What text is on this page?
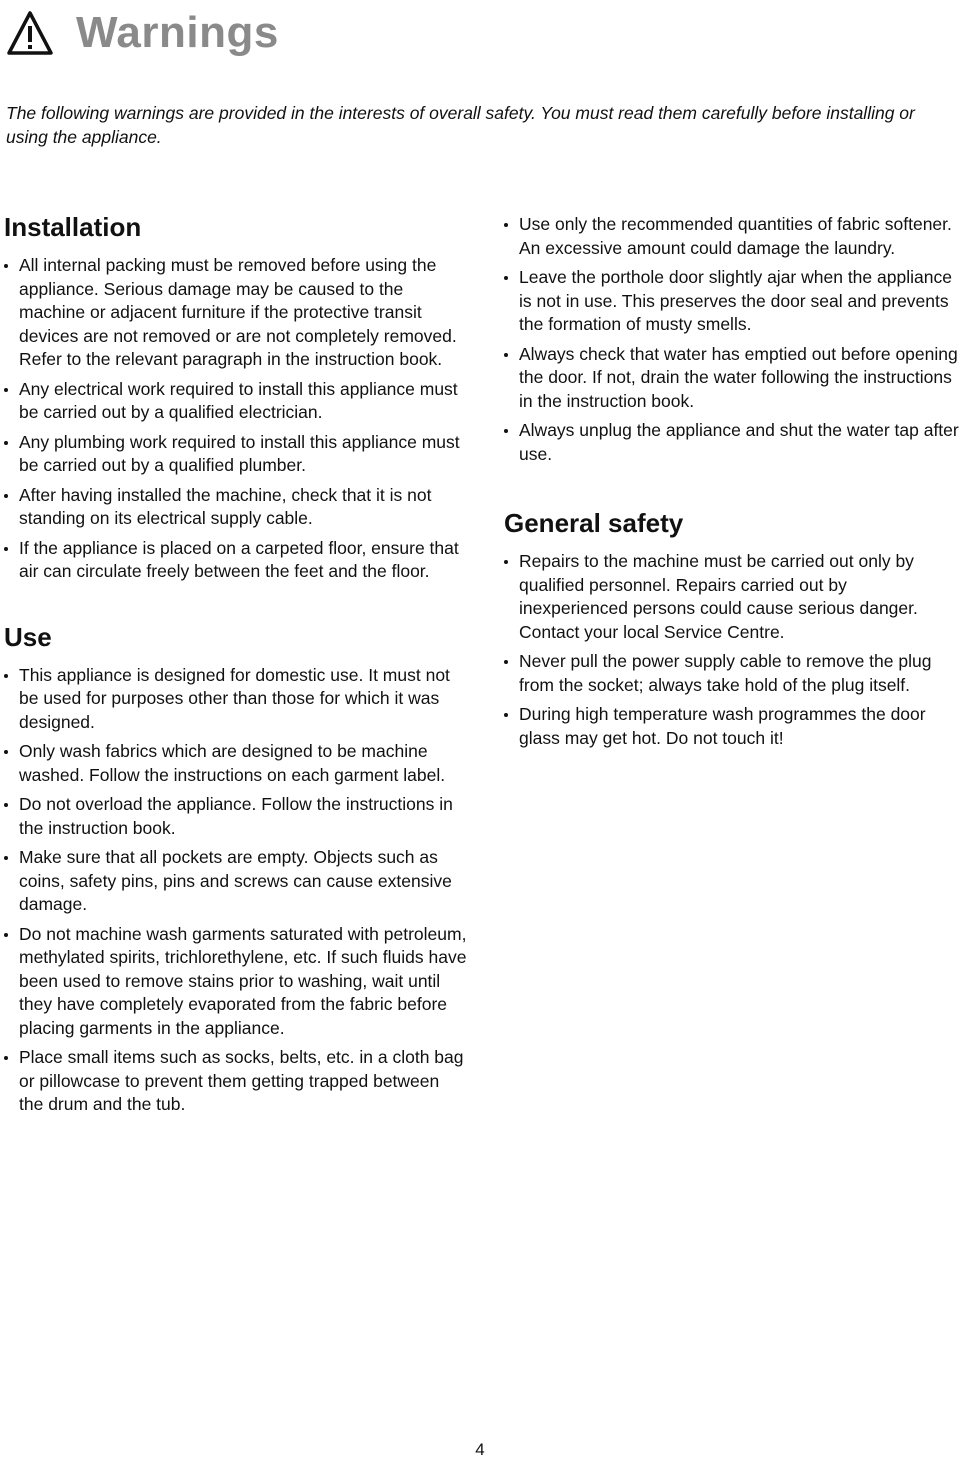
Warnings

The following warnings are provided in the interests of overall safety. You must read them carefully before installing or using the appliance.

Installation
All internal packing must be removed before using the appliance. Serious damage may be caused to the machine or adjacent furniture if the protective transit devices are not removed or are not completely removed. Refer to the relevant paragraph in the instruction book.
Any electrical work required to install this appliance must be carried out by a qualified electrician.
Any plumbing work required to install this appliance must be carried out by a qualified plumber.
After having installed the machine, check that it is not standing on its electrical supply cable.
If the appliance is placed on a carpeted floor, ensure that air can circulate freely between the feet and the floor.
Use
This appliance is designed for domestic use. It must not be used for purposes other than those for which it was designed.
Only wash fabrics which are designed to be machine washed. Follow the instructions on each garment label.
Do not overload the appliance. Follow the instructions in the instruction book.
Make sure that all pockets are empty. Objects such as coins, safety pins, pins and screws can cause extensive damage.
Do not machine wash garments saturated with petroleum, methylated spirits, trichlorethylene, etc. If such fluids have been used to remove stains prior to washing, wait until they have completely evaporated from the fabric before placing garments in the appliance.
Place small items such as socks, belts, etc. in a cloth bag or pillowcase to prevent them getting trapped between the drum and the tub.
Use only the recommended quantities of fabric softener. An excessive amount could damage the laundry.
Leave the porthole door slightly ajar when the appliance is not in use. This preserves the door seal and prevents the formation of musty smells.
Always check that water has emptied out before opening the door. If not, drain the water following the instructions in the instruction book.
Always unplug the appliance and shut the water tap after use.
General safety
Repairs to the machine must be carried out only by qualified personnel. Repairs carried out by inexperienced persons could cause serious danger. Contact your local Service Centre.
Never pull the power supply cable to remove the plug from the socket; always take hold of the plug itself.
During high temperature wash programmes the door glass may get hot. Do not touch it!
4
